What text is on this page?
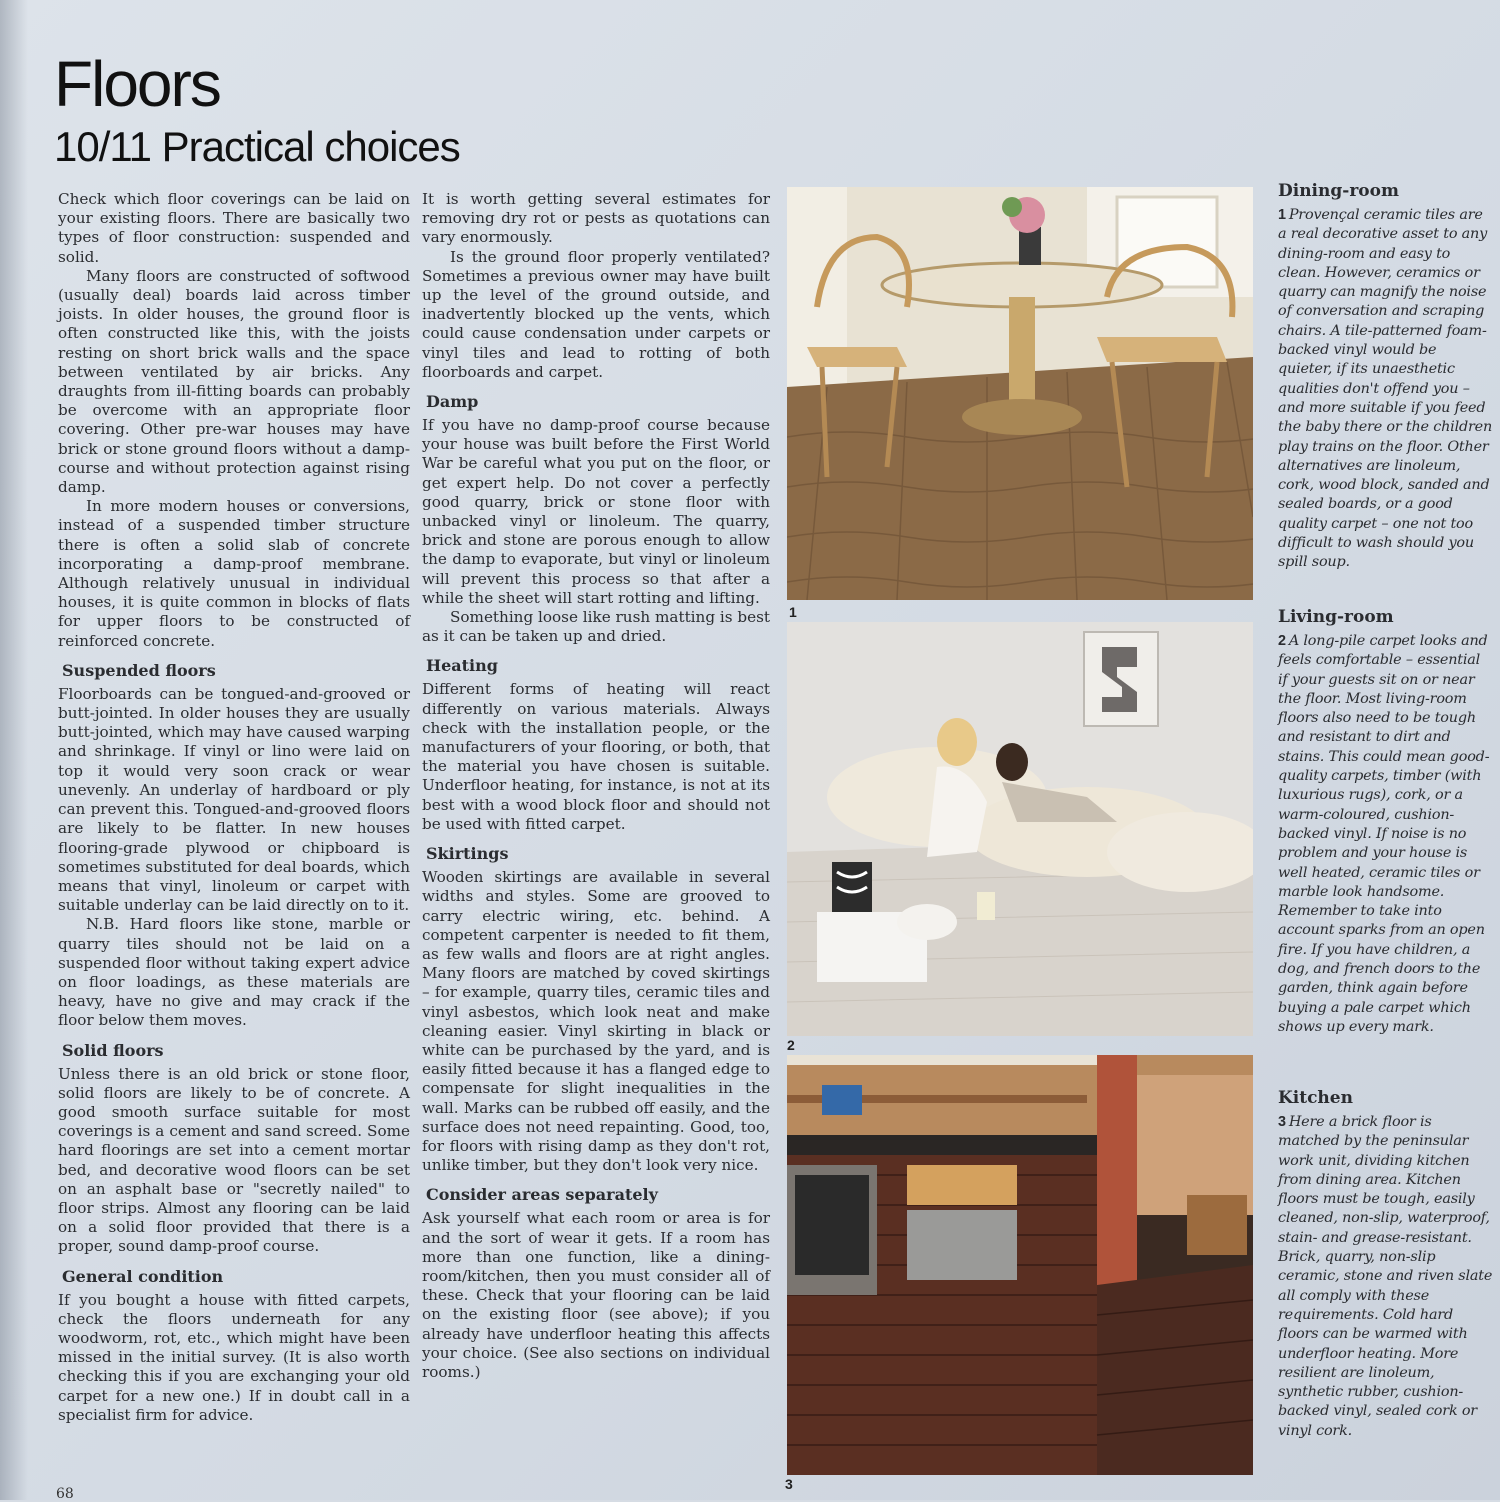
Floors
10/11 Practical choices

Check which floor coverings can be laid on your existing floors. There are basically two types of floor construction: suspended and solid.

Many floors are constructed of softwood (usually deal) boards laid across timber joists. In older houses, the ground floor is often constructed like this, with the joists resting on short brick walls and the space between ventilated by air bricks. Any draughts from ill-fitting boards can probably be overcome with an appropriate floor covering. Other pre-war houses may have brick or stone ground floors without a damp-course and without protection against rising damp.

In more modern houses or conversions, instead of a suspended timber structure there is often a solid slab of concrete incorporating a damp-proof membrane. Although relatively unusual in individual houses, it is quite common in blocks of flats for upper floors to be constructed of reinforced concrete.

Suspended floors

Floorboards can be tongued-and-grooved or butt-jointed. In older houses they are usually butt-jointed, which may have caused warping and shrinkage. If vinyl or lino were laid on top it would very soon crack or wear unevenly. An underlay of hardboard or ply can prevent this. Tongued-and-grooved floors are likely to be flatter. In new houses flooring-grade plywood or chipboard is sometimes substituted for deal boards, which means that vinyl, linoleum or carpet with suitable underlay can be laid directly on to it.

N.B. Hard floors like stone, marble or quarry tiles should not be laid on a suspended floor without taking expert advice on floor loadings, as these materials are heavy, have no give and may crack if the floor below them moves.

Solid floors

Unless there is an old brick or stone floor, solid floors are likely to be of concrete. A good smooth surface suitable for most coverings is a cement and sand screed. Some hard floorings are set into a cement mortar bed, and decorative wood floors can be set on an asphalt base or "secretly nailed" to floor strips. Almost any flooring can be laid on a solid floor provided that there is a proper, sound damp-proof course.

General condition

If you bought a house with fitted carpets, check the floors underneath for any woodworm, rot, etc., which might have been missed in the initial survey. (It is also worth checking this if you are exchanging your old carpet for a new one.) If in doubt call in a specialist firm for advice.

It is worth getting several estimates for removing dry rot or pests as quotations can vary enormously.

Is the ground floor properly ventilated? Sometimes a previous owner may have built up the level of the ground outside, and inadvertently blocked up the vents, which could cause condensation under carpets or vinyl tiles and lead to rotting of both floorboards and carpet.

Damp

If you have no damp-proof course because your house was built before the First World War be careful what you put on the floor, or get expert help. Do not cover a perfectly good quarry, brick or stone floor with unbacked vinyl or linoleum. The quarry, brick and stone are porous enough to allow the damp to evaporate, but vinyl or linoleum will prevent this process so that after a while the sheet will start rotting and lifting.

Something loose like rush matting is best as it can be taken up and dried.

Heating

Different forms of heating will react differently on various materials. Always check with the installation people, or the manufacturers of your flooring, or both, that the material you have chosen is suitable. Underfloor heating, for instance, is not at its best with a wood block floor and should not be used with fitted carpet.

Skirtings

Wooden skirtings are available in several widths and styles. Some are grooved to carry electric wiring, etc. behind. A competent carpenter is needed to fit them, as few walls and floors are at right angles. Many floors are matched by coved skirtings – for example, quarry tiles, ceramic tiles and vinyl asbestos, which look neat and make cleaning easier. Vinyl skirting in black or white can be purchased by the yard, and is easily fitted because it has a flanged edge to compensate for slight inequalities in the wall. Marks can be rubbed off easily, and the surface does not need repainting. Good, too, for floors with rising damp as they don't rot, unlike timber, but they don't look very nice.

Consider areas separately

Ask yourself what each room or area is for and the sort of wear it gets. If a room has more than one function, like a dining-room/kitchen, then you must consider all of these. Check that your flooring can be laid on the existing floor (see above); if you already have underfloor heating this affects your choice. (See also sections on individual rooms.)

1
2
3
Dining-room

1 Provençal ceramic tiles are a real decorative asset to any dining-room and easy to clean. However, ceramics or quarry can magnify the noise of conversation and scraping chairs. A tile-patterned foam-backed vinyl would be quieter, if its unaesthetic qualities don't offend you – and more suitable if you feed the baby there or the children play trains on the floor. Other alternatives are linoleum, cork, wood block, sanded and sealed boards, or a good quality carpet – one not too difficult to wash should you spill soup.

Living-room

2 A long-pile carpet looks and feels comfortable – essential if your guests sit on or near the floor. Most living-room floors also need to be tough and resistant to dirt and stains. This could mean good-quality carpets, timber (with luxurious rugs), cork, or a warm-coloured, cushion-backed vinyl. If noise is no problem and your house is well heated, ceramic tiles or marble look handsome. Remember to take into account sparks from an open fire. If you have children, a dog, and french doors to the garden, think again before buying a pale carpet which shows up every mark.

Kitchen

3 Here a brick floor is matched by the peninsular work unit, dividing kitchen from dining area. Kitchen floors must be tough, easily cleaned, non-slip, waterproof, stain- and grease-resistant. Brick, quarry, non-slip ceramic, stone and riven slate all comply with these requirements. Cold hard floors can be warmed with underfloor heating. More resilient are linoleum, synthetic rubber, cushion-backed vinyl, sealed cork or vinyl cork.

68
